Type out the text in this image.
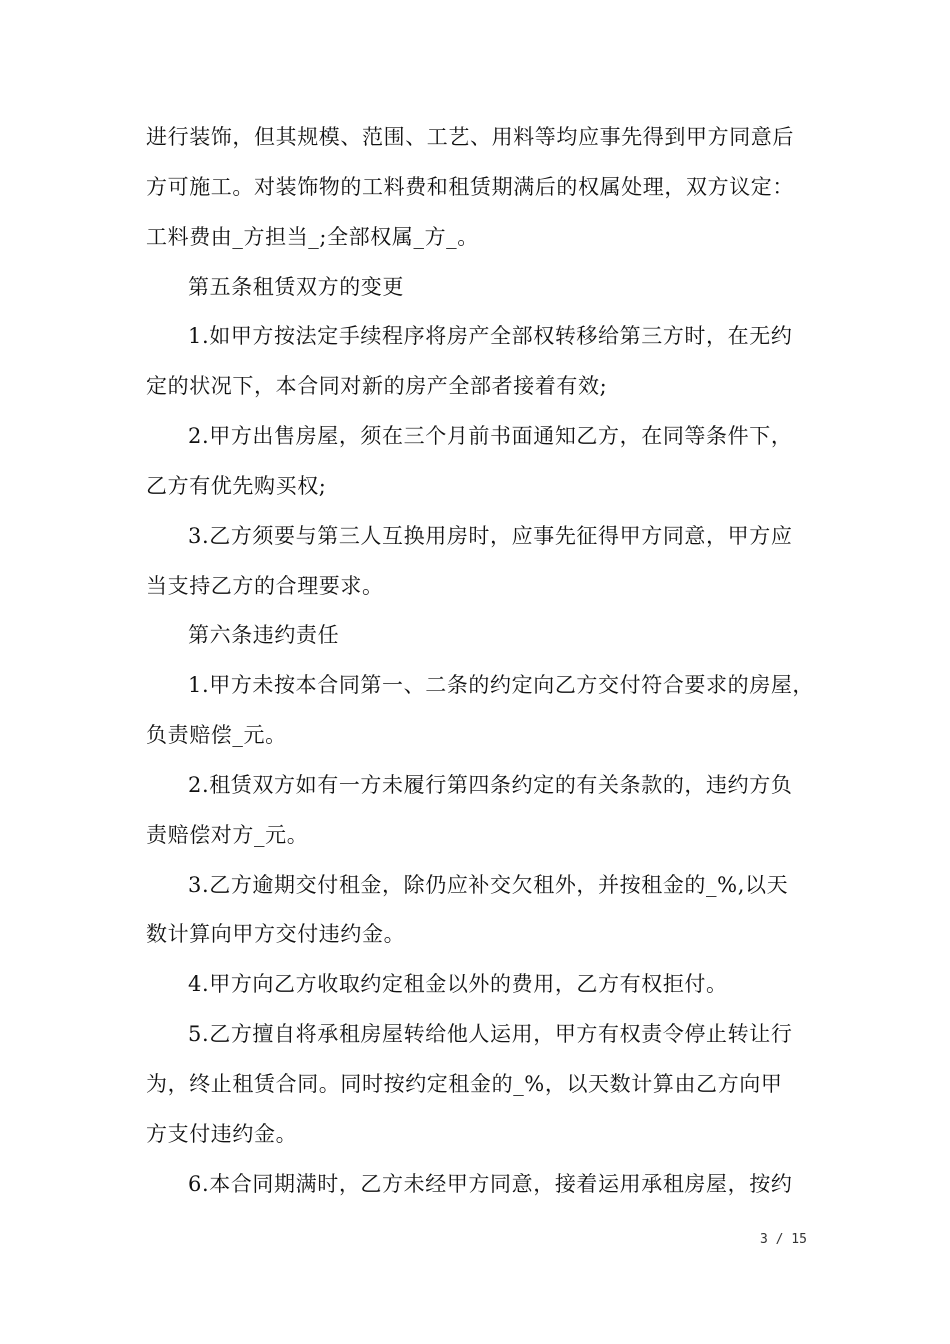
进行装饰，但其规模、范围、工艺、用料等均应事先得到甲方同意后
方可施工。对装饰物的工料费和租赁期满后的权属处理，双方议定：
工料费由_方担当_;全部权属_方_。
第五条租赁双方的变更
1.如甲方按法定手续程序将房产全部权转移给第三方时，在无约
定的状况下，本合同对新的房产全部者接着有效;
2.甲方出售房屋，须在三个月前书面通知乙方，在同等条件下，
乙方有优先购买权;
3.乙方须要与第三人互换用房时，应事先征得甲方同意，甲方应
当支持乙方的合理要求。
第六条违约责任
1.甲方未按本合同第一、二条的约定向乙方交付符合要求的房屋，
负责赔偿_元。
2.租赁双方如有一方未履行第四条约定的有关条款的，违约方负
责赔偿对方_元。
3.乙方逾期交付租金，除仍应补交欠租外，并按租金的_%,以天
数计算向甲方交付违约金。
4.甲方向乙方收取约定租金以外的费用，乙方有权拒付。
5.乙方擅自将承租房屋转给他人运用，甲方有权责令停止转让行
为，终止租赁合同。同时按约定租金的_%，以天数计算由乙方向甲
方支付违约金。
6.本合同期满时，乙方未经甲方同意，接着运用承租房屋，按约
3 / 15
